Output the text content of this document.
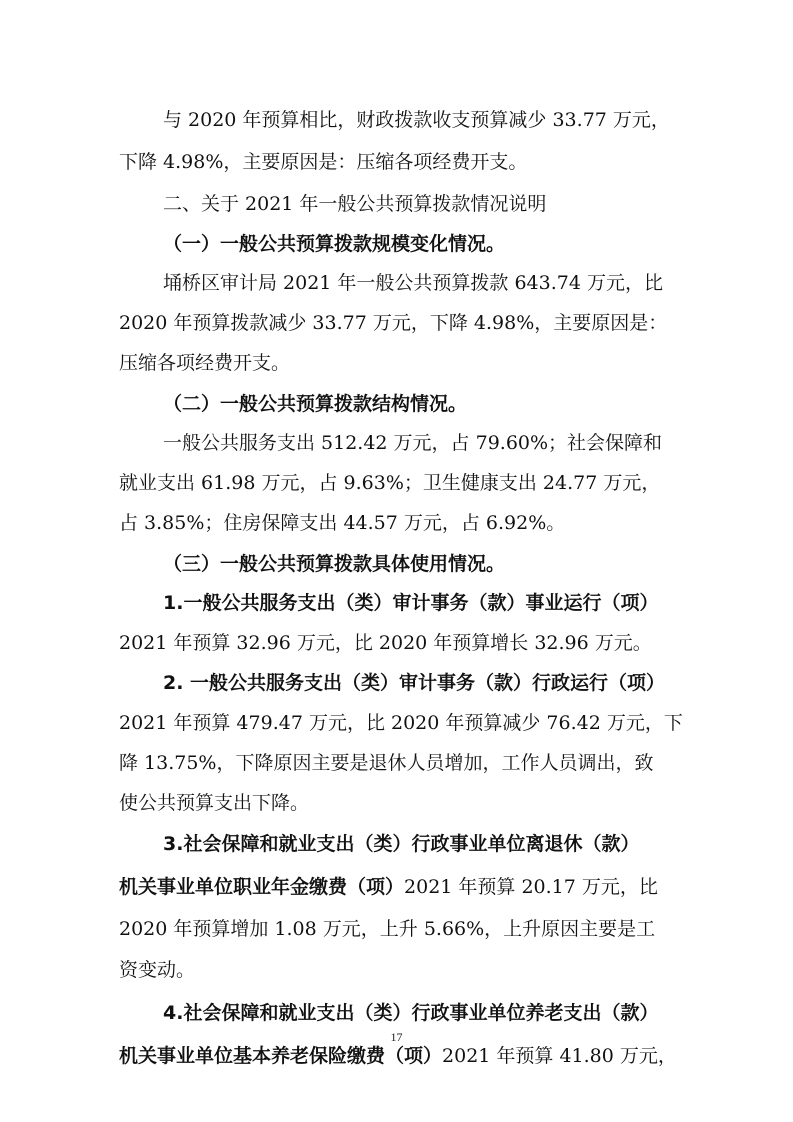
与 2020 年预算相比，财政拨款收支预算减少 33.77 万元，
下降 4.98%，主要原因是：压缩各项经费开支。
二、关于 2021 年一般公共预算拨款情况说明
（一）一般公共预算拨款规模变化情况。
埇桥区审计局 2021 年一般公共预算拨款 643.74 万元，比
2020 年预算拨款减少 33.77 万元，下降 4.98%，主要原因是：
压缩各项经费开支。
（二）一般公共预算拨款结构情况。
一般公共服务支出 512.42 万元，占 79.60%；社会保障和
就业支出 61.98 万元，占 9.63%；卫生健康支出 24.77 万元，
占 3.85%；住房保障支出 44.57 万元，占 6.92%。
（三）一般公共预算拨款具体使用情况。
1.一般公共服务支出（类）审计事务（款）事业运行（项）
2021 年预算 32.96 万元，比 2020 年预算增长 32.96 万元。
2. 一般公共服务支出（类）审计事务（款）行政运行（项）
2021 年预算 479.47 万元，比 2020 年预算减少 76.42 万元，下
降 13.75%，下降原因主要是退休人员增加，工作人员调出，致
使公共预算支出下降。
3.社会保障和就业支出（类）行政事业单位离退休（款）
机关事业单位职业年金缴费（项）2021 年预算 20.17 万元，比
2020 年预算增加 1.08 万元，上升 5.66%，上升原因主要是工
资变动。
4.社会保障和就业支出（类）行政事业单位养老支出（款）
机关事业单位基本养老保险缴费（项）2021 年预算 41.80 万元，
17
